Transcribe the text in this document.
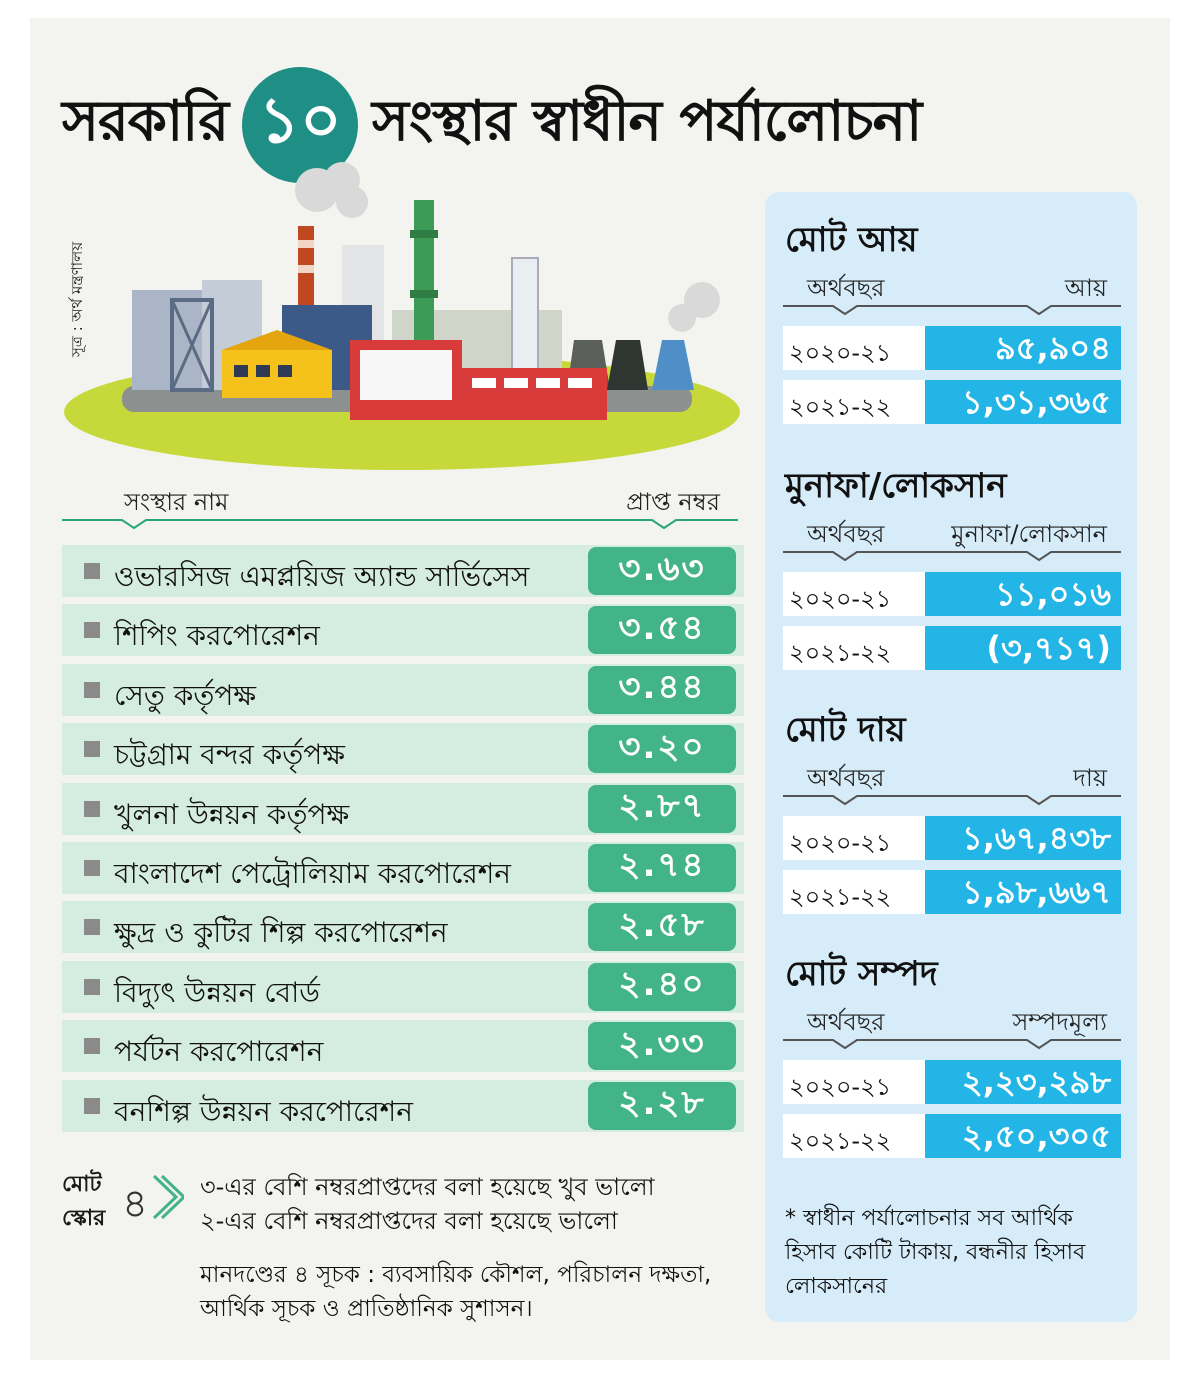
সরকারি ১০ সংস্থার স্বাধীন পর্যালোচনা
সূত্র : অর্থ মন্ত্রণালয়
সংস্থার নাম	প্রাপ্ত নম্বর
ওভারসিজ এমপ্লয়িজ অ্যান্ড সার্ভিসেস	৩.৬৩
শিপিং করপোরেশন	৩.৫৪
সেতু কর্তৃপক্ষ	৩.৪৪
চট্টগ্রাম বন্দর কর্তৃপক্ষ	৩.২০
খুলনা উন্নয়ন কর্তৃপক্ষ	২.৮৭
বাংলাদেশ পেট্রোলিয়াম করপোরেশন	২.৭৪
ক্ষুদ্র ও কুটির শিল্প করপোরেশন	২.৫৮
বিদ্যুৎ উন্নয়ন বোর্ড	২.৪০
পর্যটন করপোরেশন	২.৩৩
বনশিল্প উন্নয়ন করপোরেশন	২.২৮
মোট
স্কোর ৪ ৩-এর বেশি নম্বরপ্রাপ্তদের বলা হয়েছে খুব ভালো
২-এর বেশি নম্বরপ্রাপ্তদের বলা হয়েছে ভালো
মানদণ্ডের ৪ সূচক : ব্যবসায়িক কৌশল, পরিচালন দক্ষতা, আর্থিক সূচক ও প্রাতিষ্ঠানিক সুশাসন।
* স্বাধীন পর্যালোচনার সব আর্থিক হিসাব কোটি টাকায়, বন্ধনীর হিসাব লোকসানের
মোট আয়
অর্থবছর	আয়
২০২০-২১	৯৫,৯০৪
২০২১-২২	১,৩১,৩৬৫
মুনাফা/লোকসান
অর্থবছর	মুনাফা/লোকসান
২০২০-২১	১১,০১৬
২০২১-২২	(৩,৭১৭)
মোট দায়
অর্থবছর	দায়
২০২০-২১	১,৬৭,৪৩৮
২০২১-২২	১,৯৮,৬৬৭
মোট সম্পদ
অর্থবছর	সম্পদমূল্য
২০২০-২১	২,২৩,২৯৮
২০২১-২২	২,৫০,৩০৫
